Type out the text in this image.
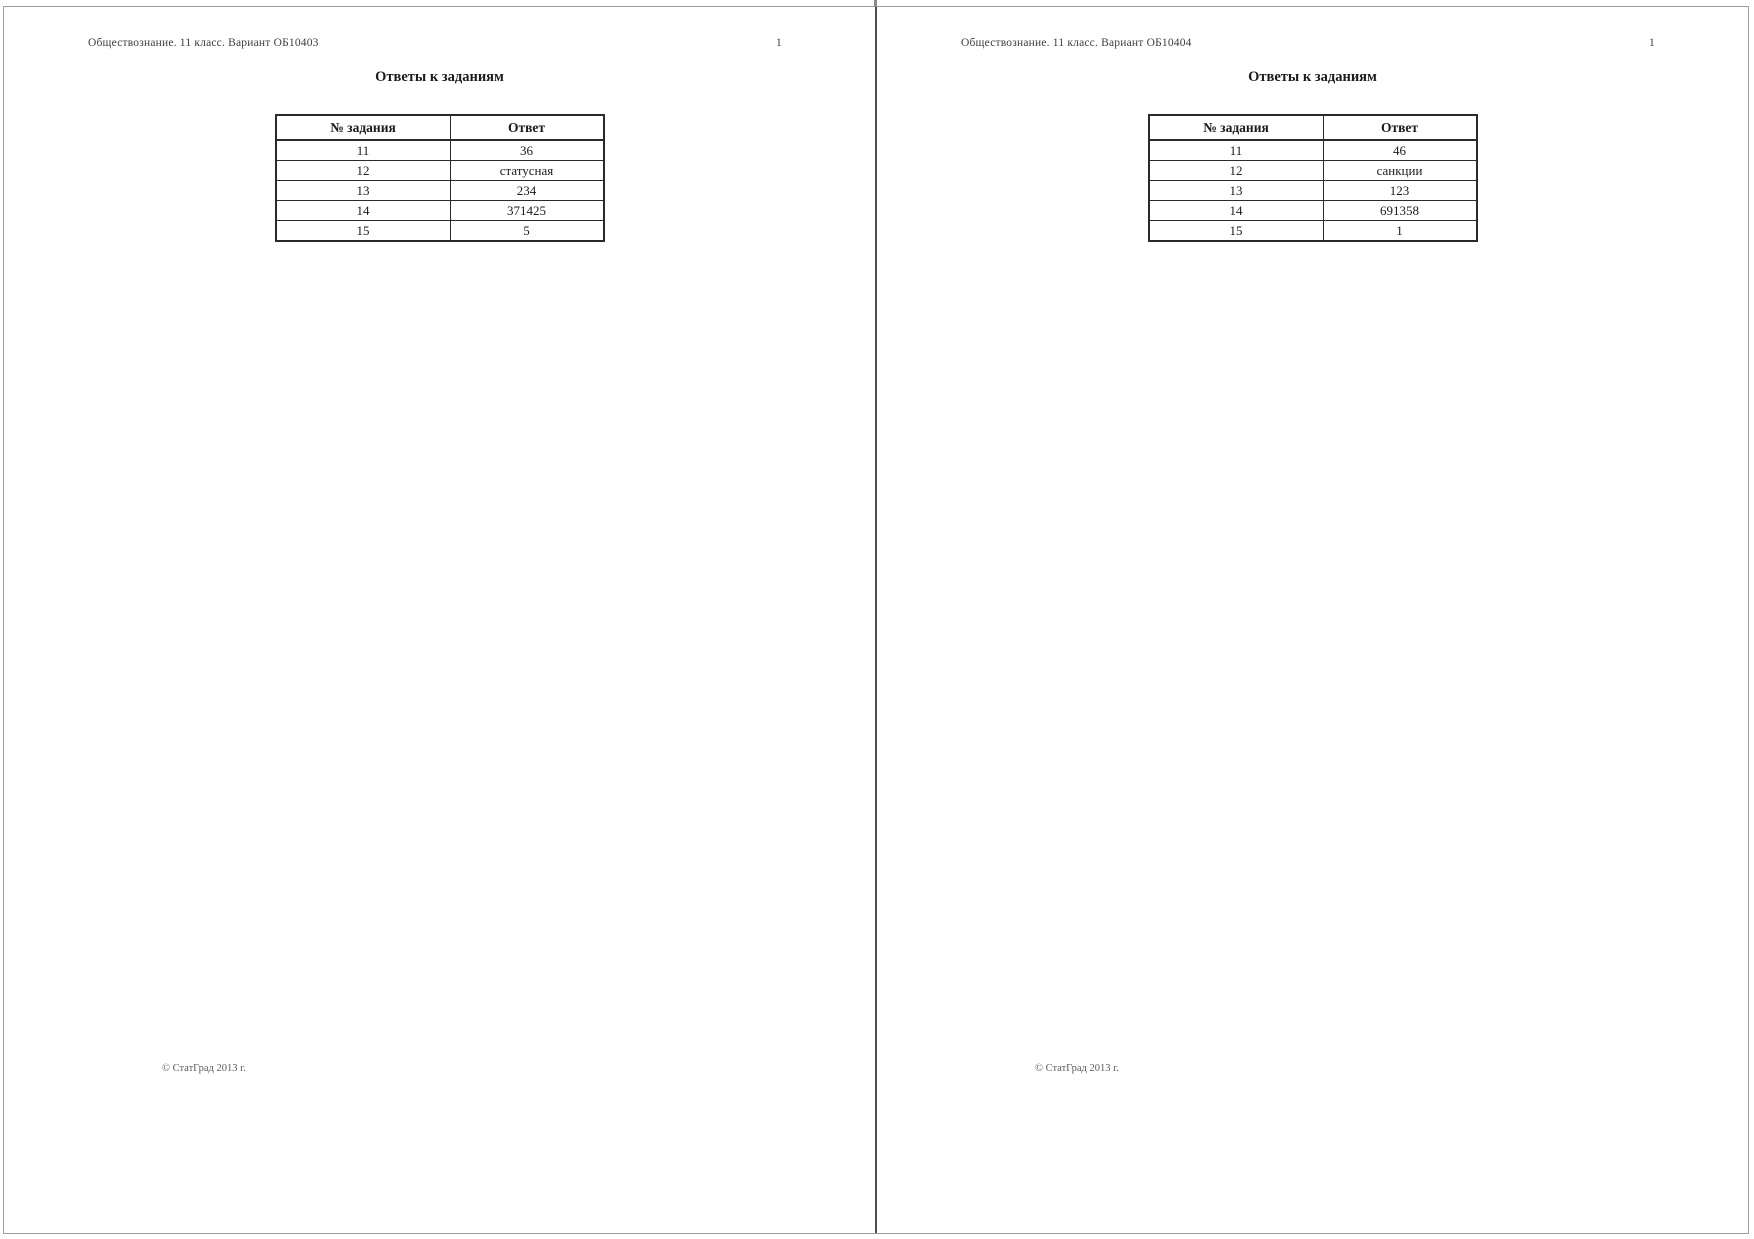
Обществознание. 11 класс. Вариант ОБ10403	1
Ответы к заданиям
№ задания	Ответ
11	36
12	статусная
13	234
14	371425
15	5
© СтатГрад 2013 г.
Обществознание. 11 класс. Вариант ОБ10404	1
Ответы к заданиям
№ задания	Ответ
11	46
12	санкции
13	123
14	691358
15	1
© СтатГрад 2013 г.
